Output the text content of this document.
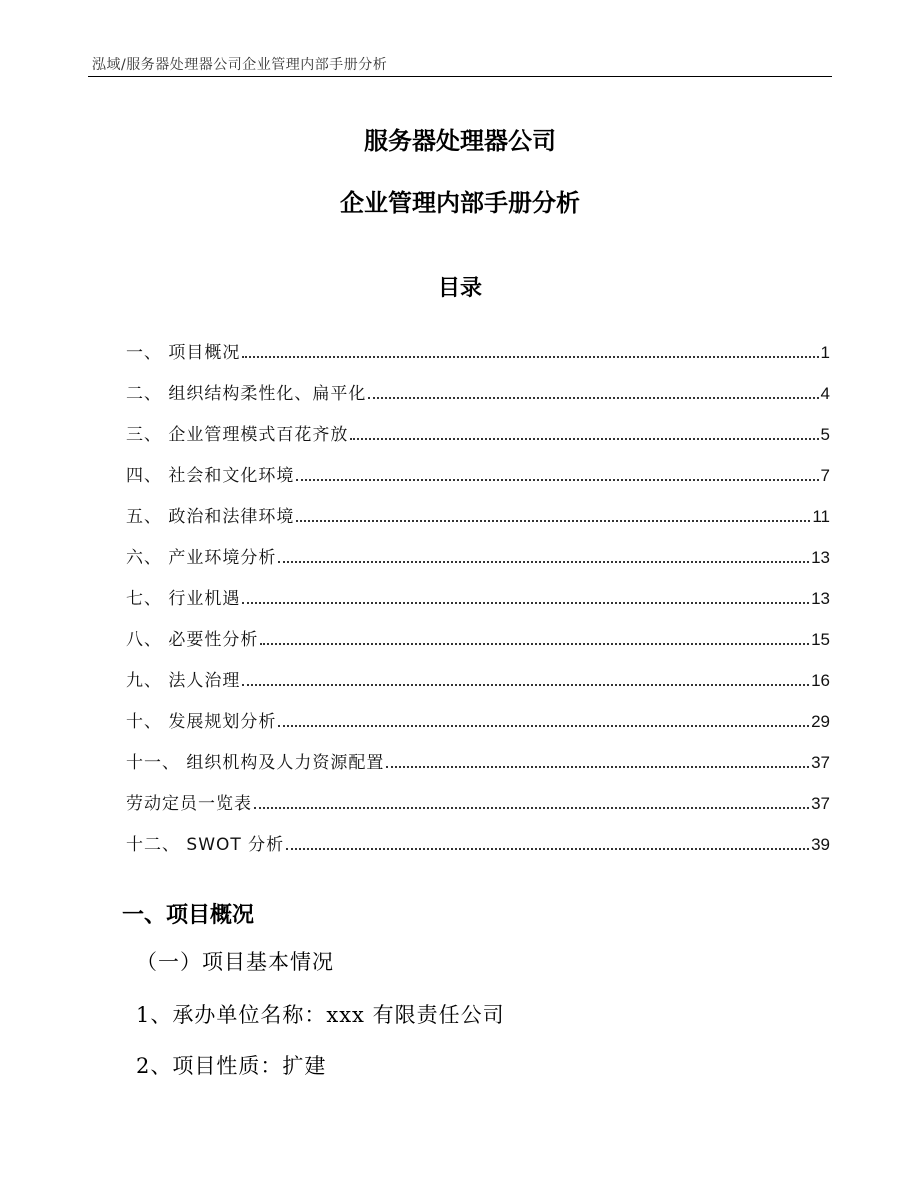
泓域/服务器处理器公司企业管理内部手册分析
服务器处理器公司
企业管理内部手册分析
目录
一、 项目概况	1
二、 组织结构柔性化、扁平化	4
三、 企业管理模式百花齐放	5
四、 社会和文化环境	7
五、 政治和法律环境	11
六、 产业环境分析	13
七、 行业机遇	13
八、 必要性分析	15
九、 法人治理	16
十、 发展规划分析	29
十一、 组织机构及人力资源配置	37
劳动定员一览表	37
十二、 SWOT 分析	39
一、项目概况
（一）项目基本情况
1、承办单位名称：xxx 有限责任公司
2、项目性质：扩建
